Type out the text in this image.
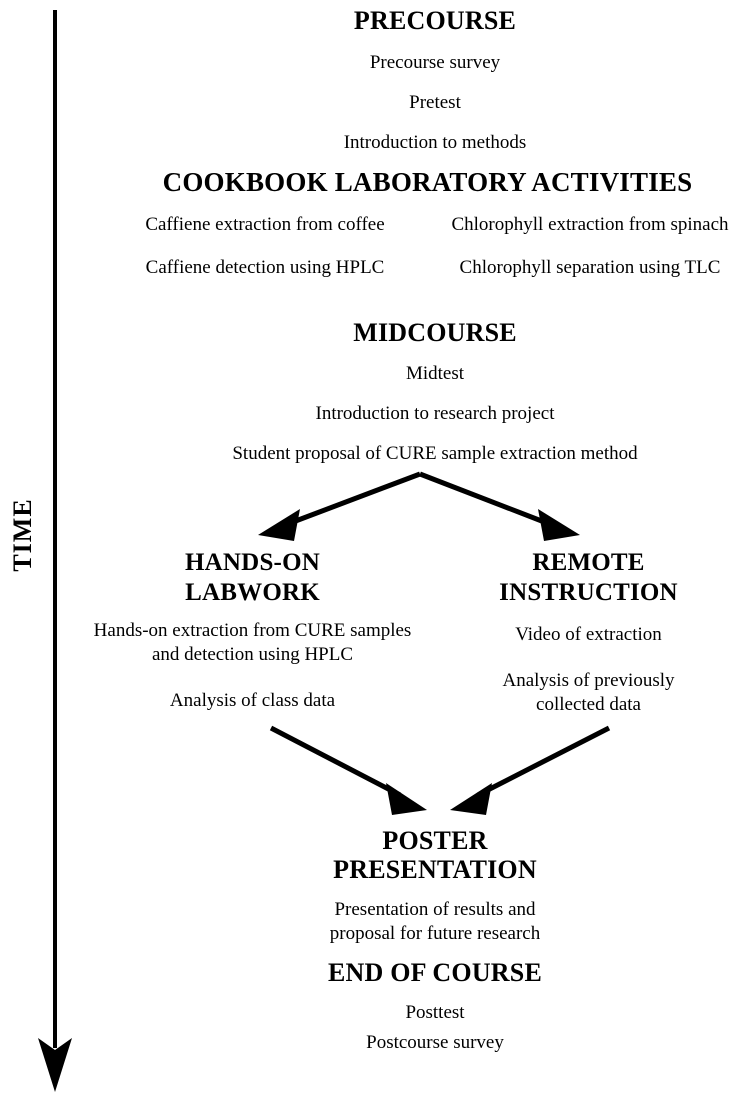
TIME
PRECOURSE
Precourse survey
Pretest
Introduction to methods
COOKBOOK LABORATORY ACTIVITIES
Caffiene extraction from coffee	Chlorophyll extraction from spinach
Caffiene detection using HPLC	Chlorophyll separation using TLC
MIDCOURSE
Midtest
Introduction to research project
Student proposal of CURE sample extraction method
HANDS-ON
LABWORK
Hands-on extraction from CURE samples
and detection using HPLC
Analysis of class data
REMOTE
INSTRUCTION
Video of extraction
Analysis of previously
collected data
POSTER
PRESENTATION
Presentation of results and
proposal for future research
END OF COURSE
Posttest
Postcourse survey
